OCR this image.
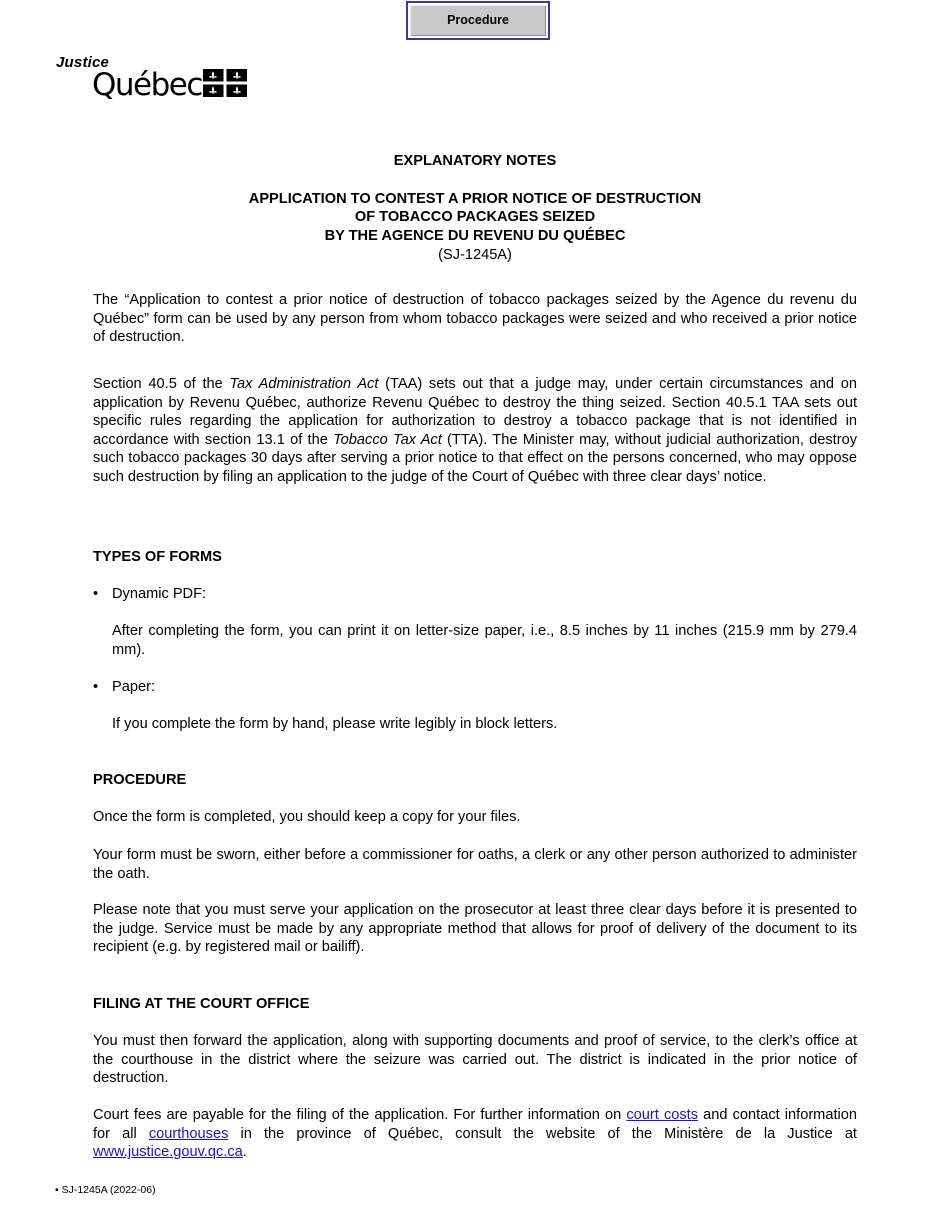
Procedure
Justice
Québec
EXPLANATORY NOTES
APPLICATION TO CONTEST A PRIOR NOTICE OF DESTRUCTION
OF TOBACCO PACKAGES SEIZED
BY THE AGENCE DU REVENU DU QUÉBEC
(SJ-1245A)

The “Application to contest a prior notice of destruction of tobacco packages seized by the Agence du revenu du Québec” form can be used by any person from whom tobacco packages were seized and who received a prior notice of destruction.

Section 40.5 of the Tax Administration Act (TAA) sets out that a judge may, under certain circumstances and on application by Revenu Québec, authorize Revenu Québec to destroy the thing seized. Section 40.5.1 TAA sets out specific rules regarding the application for authorization to destroy a tobacco package that is not identified in accordance with section 13.1 of the Tobacco Tax Act (TTA). The Minister may, without judicial authorization, destroy such tobacco packages 30 days after serving a prior notice to that effect on the persons concerned, who may oppose such destruction by filing an application to the judge of the Court of Québec with three clear days’ notice.

TYPES OF FORMS
• Dynamic PDF:

After completing the form, you can print it on letter-size paper, i.e., 8.5 inches by 11 inches (215.9 mm by 279.4 mm).

• Paper:

If you complete the form by hand, please write legibly in block letters.

PROCEDURE

Once the form is completed, you should keep a copy for your files.

Your form must be sworn, either before a commissioner for oaths, a clerk or any other person authorized to administer the oath.

Please note that you must serve your application on the prosecutor at least three clear days before it is presented to the judge. Service must be made by any appropriate method that allows for proof of delivery of the document to its recipient (e.g. by registered mail or bailiff).

FILING AT THE COURT OFFICE

You must then forward the application, along with supporting documents and proof of service, to the clerk’s office at the courthouse in the district where the seizure was carried out. The district is indicated in the prior notice of destruction.

Court fees are payable for the filing of the application. For further information on court costs and contact information for all courthouses in the province of Québec, consult the website of the Ministère de la Justice at www.justice.gouv.qc.ca.

• SJ-1245A (2022-06)
